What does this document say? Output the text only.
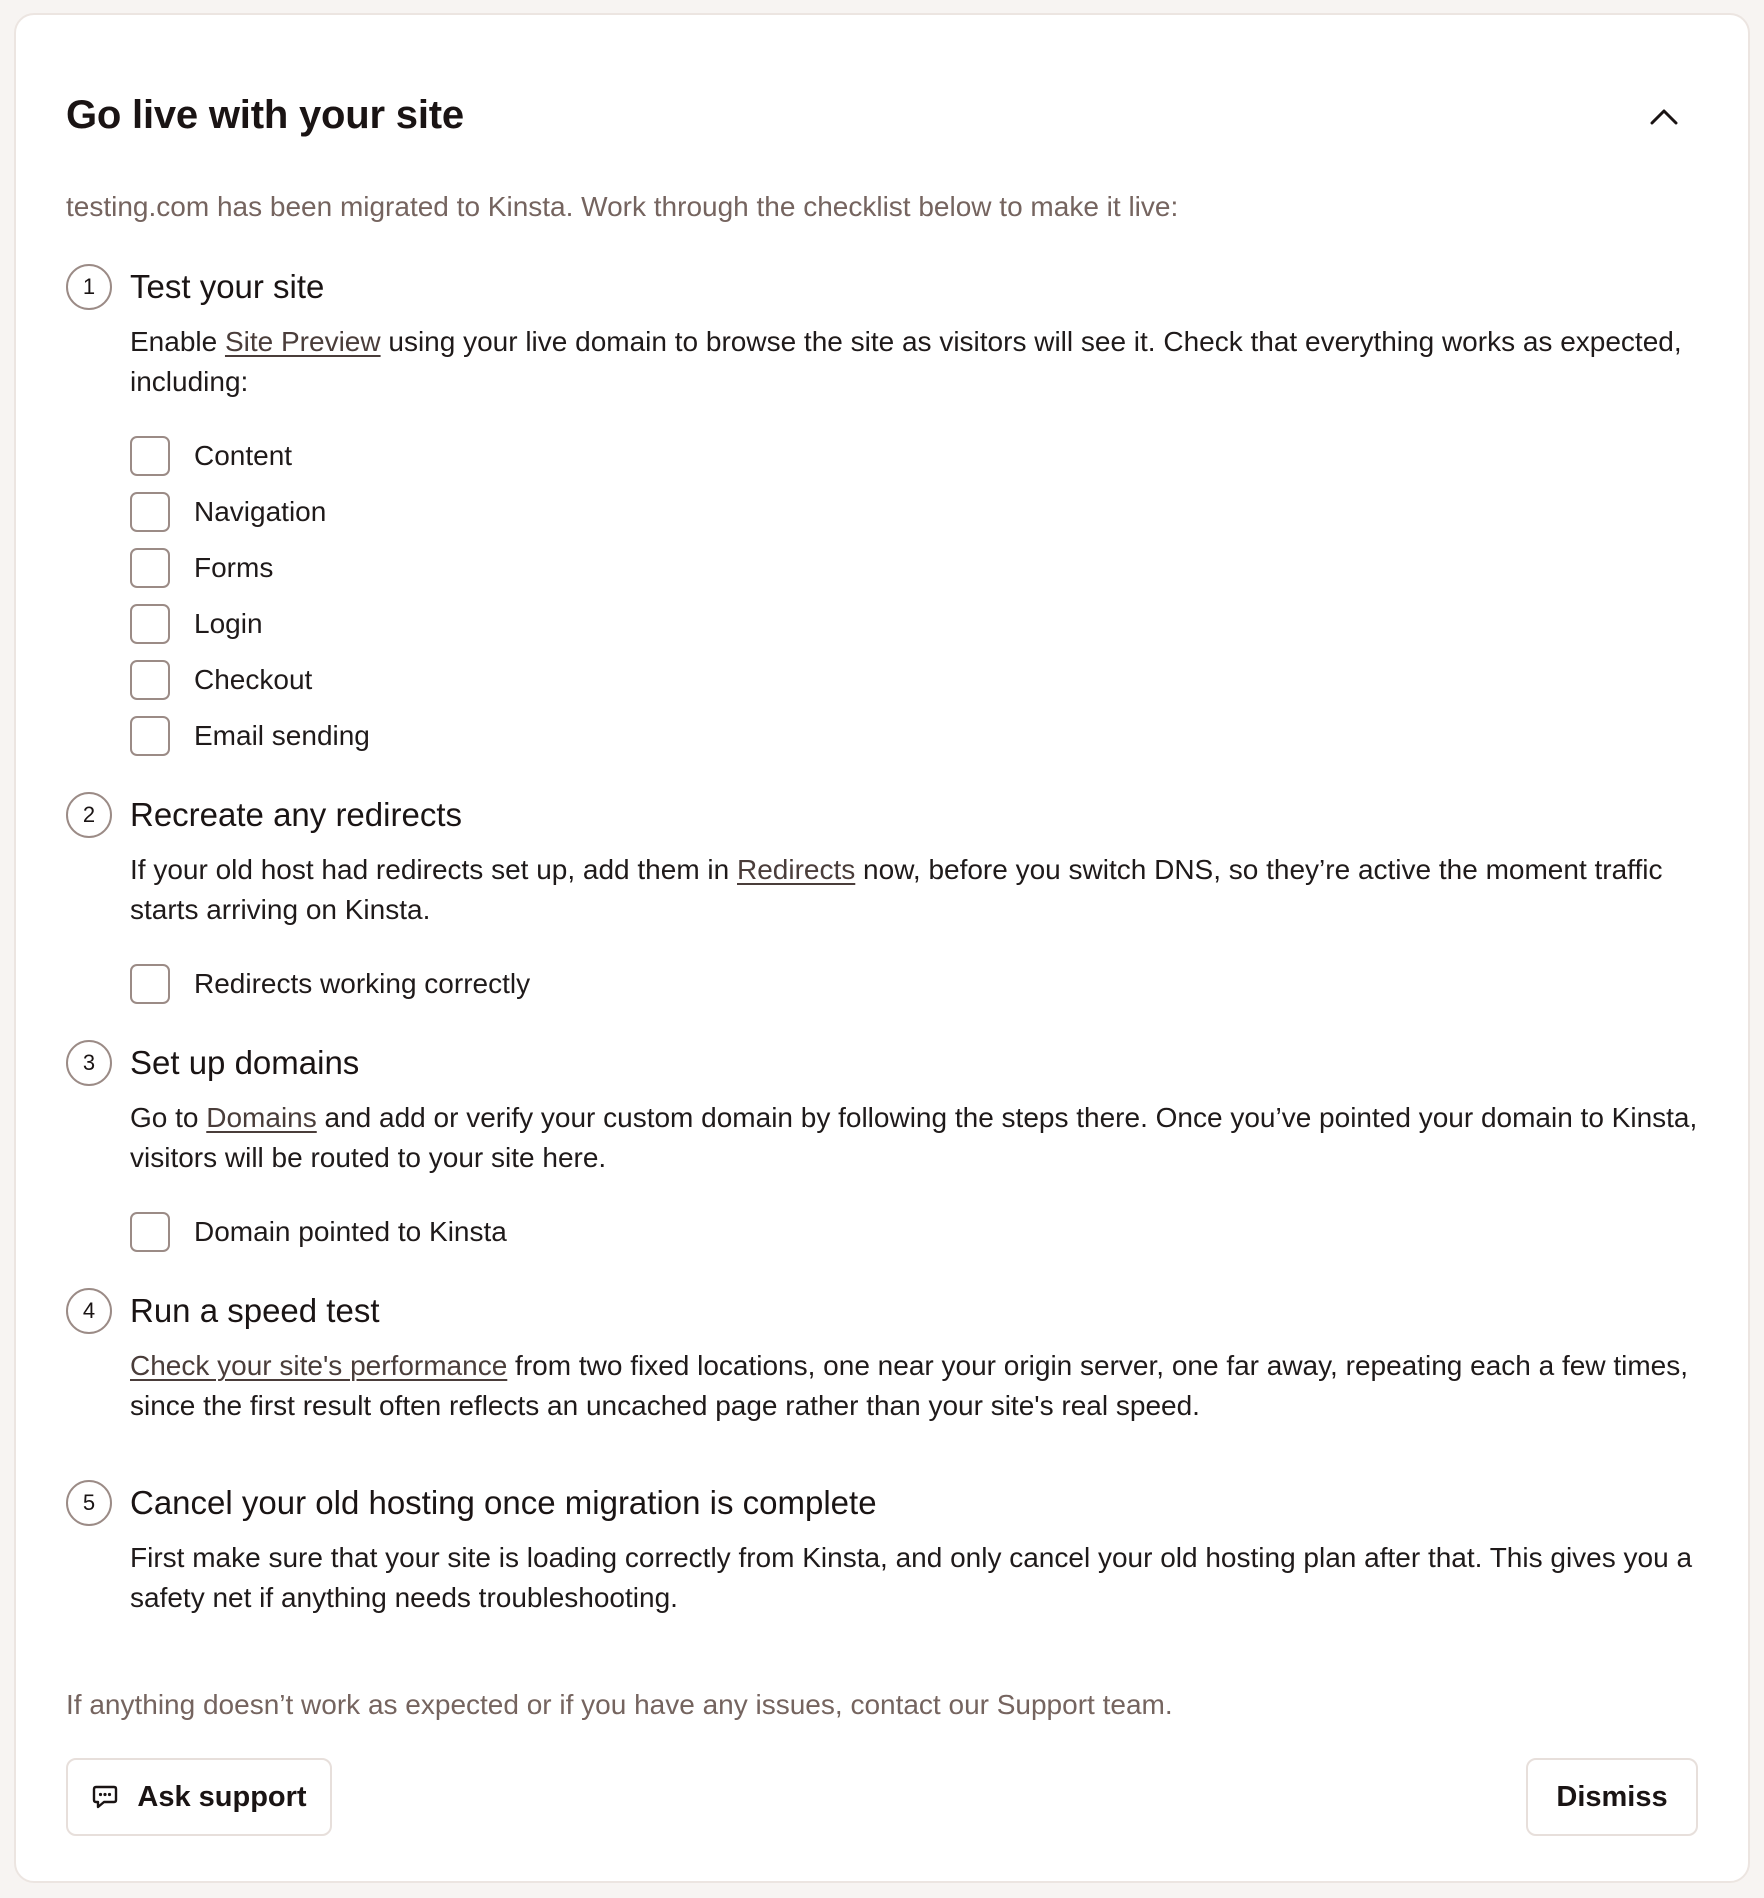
Go live with your site

testing.com has been migrated to Kinsta. Work through the checklist below to make it live:

1	Test your site

Enable Site Preview using your live domain to browse the site as visitors will see it. Check that everything works as expected, including:

Content
Navigation
Forms
Login
Checkout
Email sending
2	Recreate any redirects

If your old host had redirects set up, add them in Redirects now, before you switch DNS, so they’re active the moment traffic starts arriving on Kinsta.

Redirects working correctly
3	Set up domains

Go to Domains and add or verify your custom domain by following the steps there. Once you’ve pointed your domain to Kinsta, visitors will be routed to your site here.

Domain pointed to Kinsta
4	Run a speed test

Check your site's performance from two fixed locations, one near your origin server, one far away, repeating each a few times, since the first result often reflects an uncached page rather than your site's real speed.

5	Cancel your old hosting once migration is complete

First make sure that your site is loading correctly from Kinsta, and only cancel your old hosting plan after that. This gives you a safety net if anything needs troubleshooting.

If anything doesn’t work as expected or if you have any issues, contact our Support team.

Ask support	Dismiss
